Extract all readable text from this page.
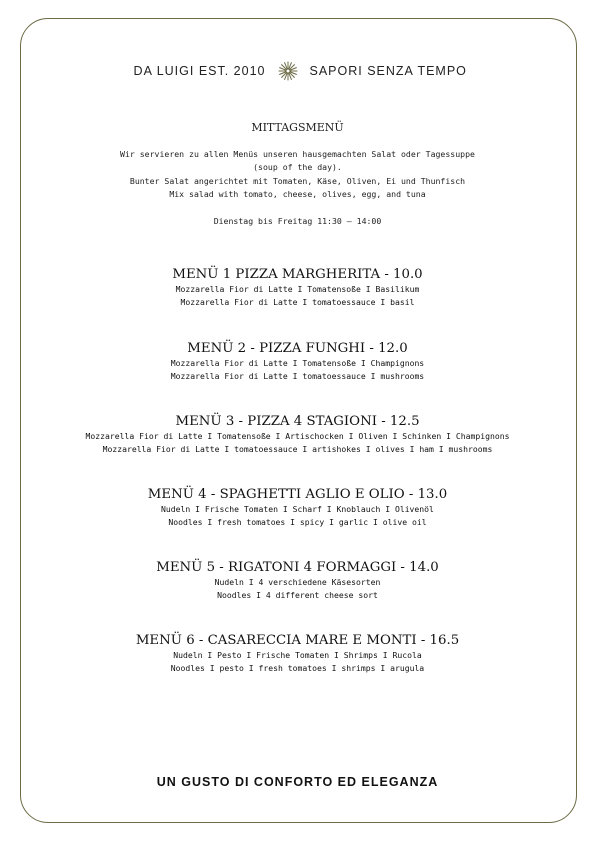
DA LUIGI EST. 2010	SAPORI SENZA TEMPO
MITTAGSMENÜ
Wir servieren zu allen Menüs unseren hausgemachten Salat oder Tagessuppe
(soup of the day).
Bunter Salat angerichtet mit Tomaten, Käse, Oliven, Ei und Thunfisch
Mix salad with tomato, cheese, olives, egg, and tuna
Dienstag bis Freitag 11:30 – 14:00
MENÜ 1 PIZZA MARGHERITA - 10.0
Mozzarella Fior di Latte I Tomatensoße I Basilikum
Mozzarella Fior di Latte I tomatoessauce I basil
MENÜ 2 - PIZZA FUNGHI - 12.0
Mozzarella Fior di Latte I Tomatensoße I Champignons
Mozzarella Fior di Latte I tomatoessauce I mushrooms
MENÜ 3 - PIZZA 4 STAGIONI - 12.5
Mozzarella Fior di Latte I Tomatensoße I Artischocken I Oliven I Schinken I Champignons
Mozzarella Fior di Latte I tomatoessauce I artishokes I olives I ham I mushrooms
MENÜ 4 - SPAGHETTI AGLIO E OLIO - 13.0
Nudeln I Frische Tomaten I Scharf I Knoblauch I Olivenöl
Noodles I fresh tomatoes I spicy I garlic I olive oil
MENÜ 5 - RIGATONI 4 FORMAGGI - 14.0
Nudeln I 4 verschiedene Käsesorten
Noodles I 4 different cheese sort
MENÜ 6 - CASARECCIA MARE E MONTI - 16.5
Nudeln I Pesto I Frische Tomaten I Shrimps I Rucola
Noodles I pesto I fresh tomatoes I shrimps I arugula
UN GUSTO DI CONFORTO ED ELEGANZA
